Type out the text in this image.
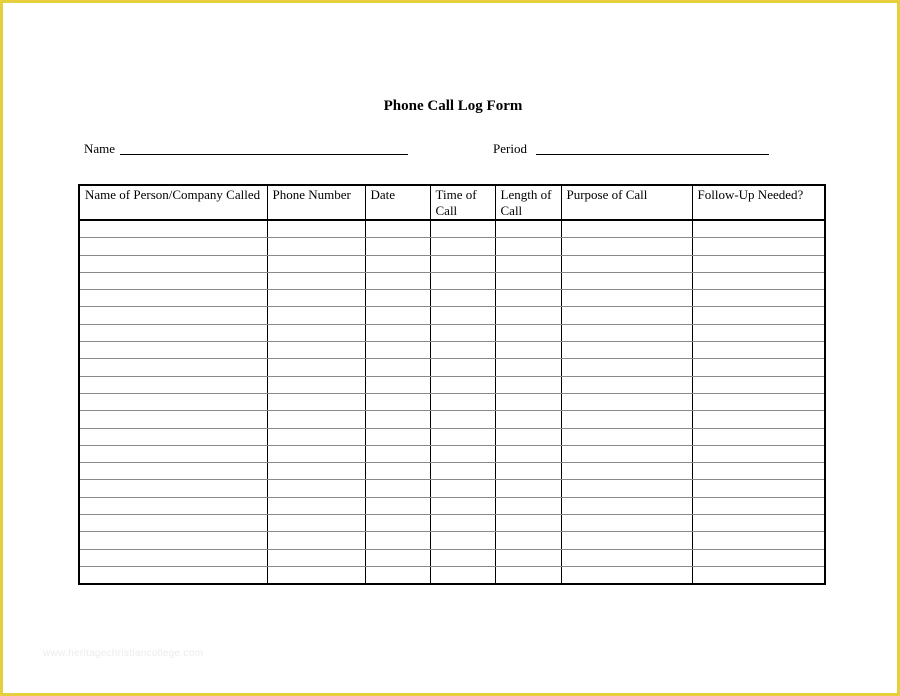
Phone Call Log Form
Name	Period
Name of Person/Company Called	Phone Number	Date	Time of Call	Length of Call	Purpose of Call	Follow-Up Needed?

www.heritagechristiancollege.com
